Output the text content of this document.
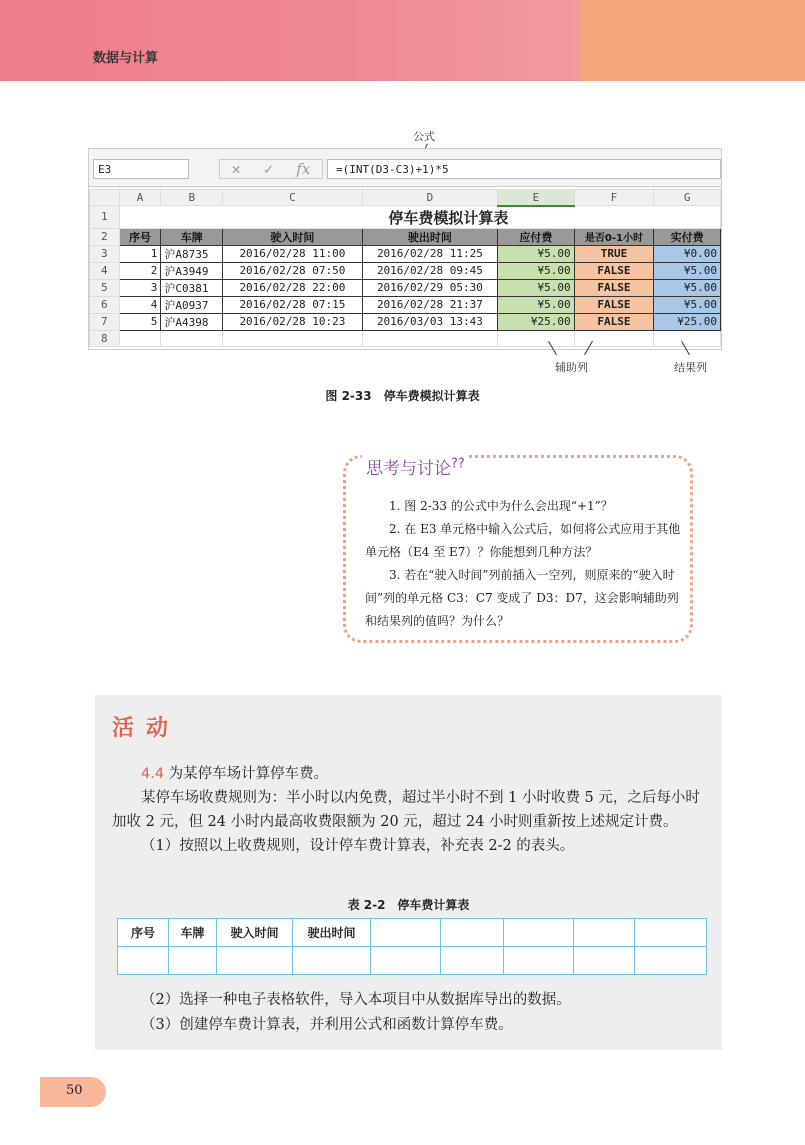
数据与计算
公式
E3	✕ ✓ fx	=(INT(D3-C3)+1)*5
	A	B	C	D	E	F	G
1	停车费模拟计算表						
2	序号	车牌	驶入时间	驶出时间	应付费	是否0-1小时	实付费
3	1	沪A8735	2016/02/28 11:00	2016/02/28 11:25	¥5.00	TRUE	¥0.00
4	2	沪A3949	2016/02/28 07:50	2016/02/28 09:45	¥5.00	FALSE	¥5.00
5	3	沪C0381	2016/02/28 22:00	2016/02/29 05:30	¥5.00	FALSE	¥5.00
6	4	沪A0937	2016/02/28 07:15	2016/02/28 21:37	¥5.00	FALSE	¥5.00
7	5	沪A4398	2016/02/28 10:23	2016/03/03 13:43	¥25.00	FALSE	¥25.00
8							
辅助列	结果列
图 2-33　停车费模拟计算表
思考与讨论??

1. 图 2-33 的公式中为什么会出现“+1”？

2. 在 E3 单元格中输入公式后，如何将公式应用于其他单元格（E4 至 E7）？你能想到几种方法？

3. 若在“驶入时间”列前插入一空列，则原来的“驶入时间”列的单元格 C3：C7 变成了 D3：D7，这会影响辅助列和结果列的值吗？为什么？

活动

4.4 为某停车场计算停车费。

某停车场收费规则为：半小时以内免费，超过半小时不到 1 小时收费 5 元，之后每小时加收 2 元，但 24 小时内最高收费限额为 20 元，超过 24 小时则重新按上述规定计费。

（1）按照以上收费规则，设计停车费计算表，补充表 2-2 的表头。

表 2-2　停车费计算表
序号	车牌	驶入时间	驶出时间					

（2）选择一种电子表格软件，导入本项目中从数据库导出的数据。

（3）创建停车费计算表，并利用公式和函数计算停车费。

50
